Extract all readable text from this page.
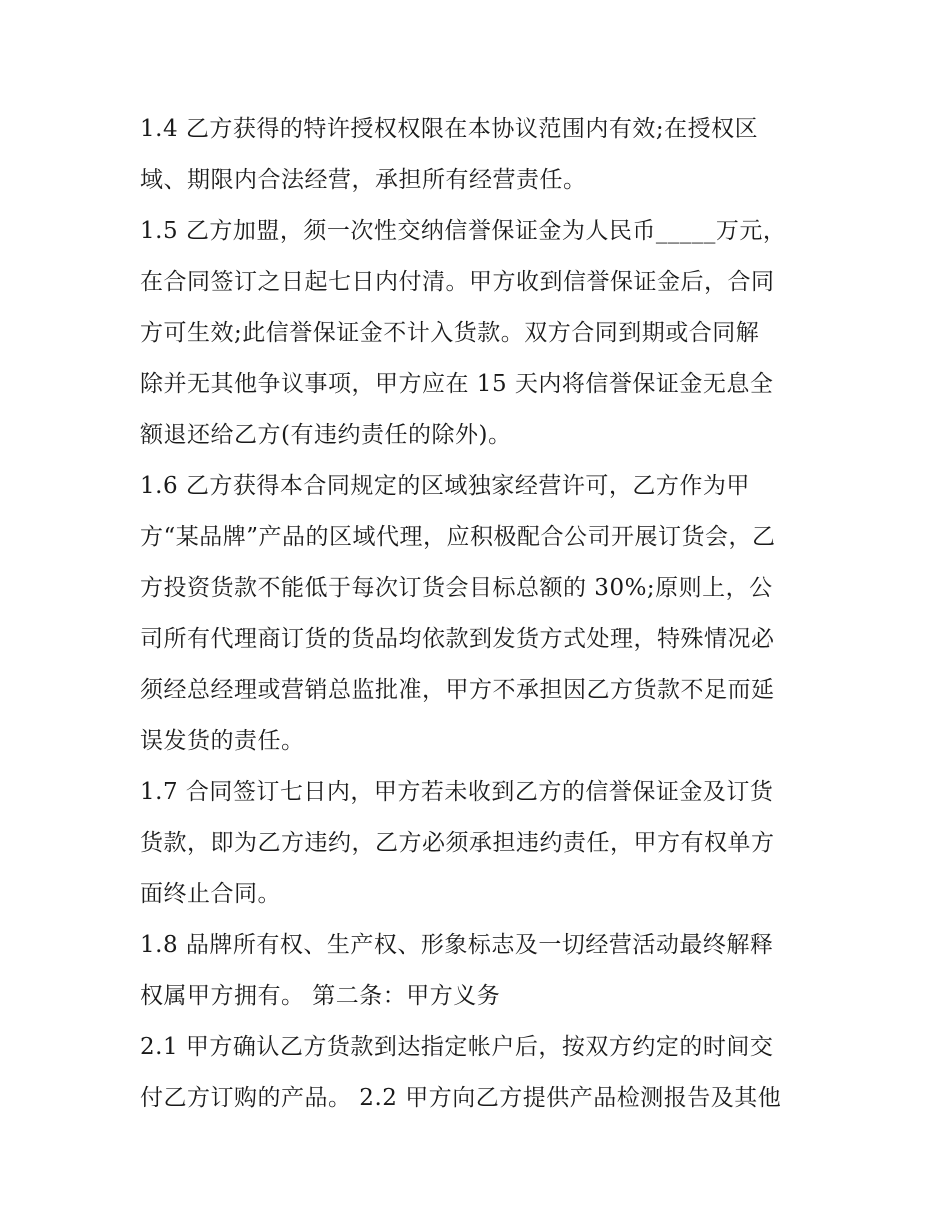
1.4 乙方获得的特许授权权限在本协议范围内有效;在授权区
域、期限内合法经营，承担所有经营责任。
1.5 乙方加盟，须一次性交纳信誉保证金为人民币_____万元，
在合同签订之日起七日内付清。甲方收到信誉保证金后，合同
方可生效;此信誉保证金不计入货款。双方合同到期或合同解
除并无其他争议事项，甲方应在 15 天内将信誉保证金无息全
额退还给乙方(有违约责任的除外)。
1.6 乙方获得本合同规定的区域独家经营许可，乙方作为甲
方“某品牌”产品的区域代理，应积极配合公司开展订货会，乙
方投资货款不能低于每次订货会目标总额的 30%;原则上，公
司所有代理商订货的货品均依款到发货方式处理，特殊情况必
须经总经理或营销总监批准，甲方不承担因乙方货款不足而延
误发货的责任。
1.7 合同签订七日内，甲方若未收到乙方的信誉保证金及订货
货款，即为乙方违约，乙方必须承担违约责任，甲方有权单方
面终止合同。
1.8 品牌所有权、生产权、形象标志及一切经营活动最终解释
权属甲方拥有。 第二条：甲方义务
2.1 甲方确认乙方货款到达指定帐户后，按双方约定的时间交
付乙方订购的产品。 2.2 甲方向乙方提供产品检测报告及其他
